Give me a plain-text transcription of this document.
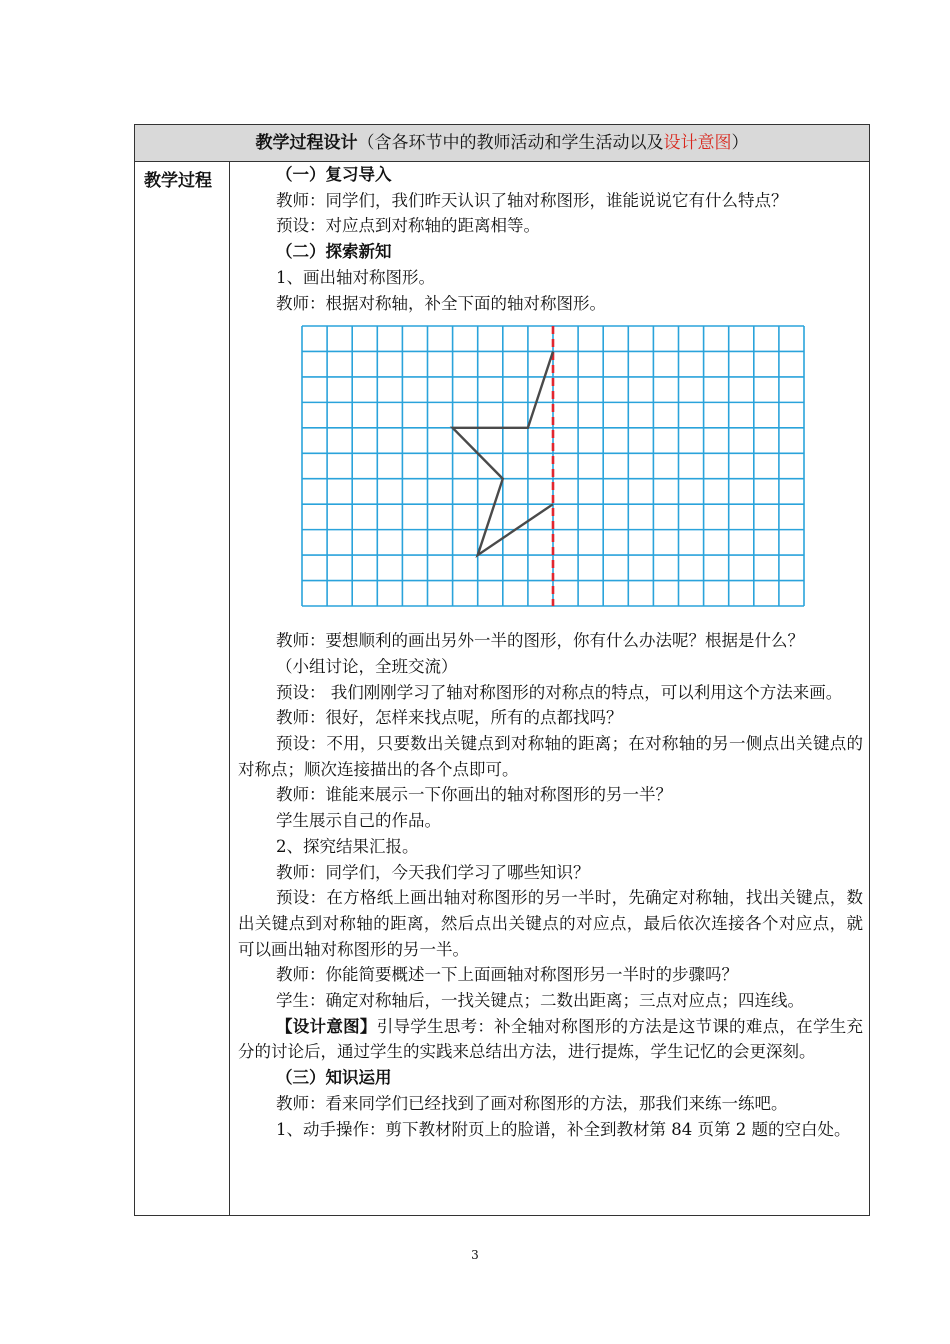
教学过程设计（含各环节中的教师活动和学生活动以及设计意图）
教学过程	（一）复习导入

教师：同学们，我们昨天认识了轴对称图形，谁能说说它有什么特点？

预设：对应点到对称轴的距离相等。

（二）探索新知

1、画出轴对称图形。

教师：根据对称轴，补全下面的轴对称图形。

教师：要想顺利的画出另外一半的图形，你有什么办法呢？根据是什么？

（小组讨论，全班交流）

预设： 我们刚刚学习了轴对称图形的对称点的特点，可以利用这个方法来画。

教师：很好，怎样来找点呢，所有的点都找吗？

预设：不用，只要数出关键点到对称轴的距离；在对称轴的另一侧点出关键点的对称点；顺次连接描出的各个点即可。

教师：谁能来展示一下你画出的轴对称图形的另一半？

学生展示自己的作品。

2、探究结果汇报。

教师：同学们，今天我们学习了哪些知识？

预设：在方格纸上画出轴对称图形的另一半时，先确定对称轴，找出关键点，数出关键点到对称轴的距离，然后点出关键点的对应点，最后依次连接各个对应点，就可以画出轴对称图形的另一半。

教师：你能简要概述一下上面画轴对称图形另一半时的步骤吗？

学生：确定对称轴后，一找关键点；二数出距离；三点对应点；四连线。

【设计意图】引导学生思考：补全轴对称图形的方法是这节课的难点，在学生充分的讨论后，通过学生的实践来总结出方法，进行提炼，学生记忆的会更深刻。

（三）知识运用

教师：看来同学们已经找到了画对称图形的方法，那我们来练一练吧。

1、动手操作：剪下教材附页上的脸谱，补全到教材第 84 页第 2 题的空白处。

3
